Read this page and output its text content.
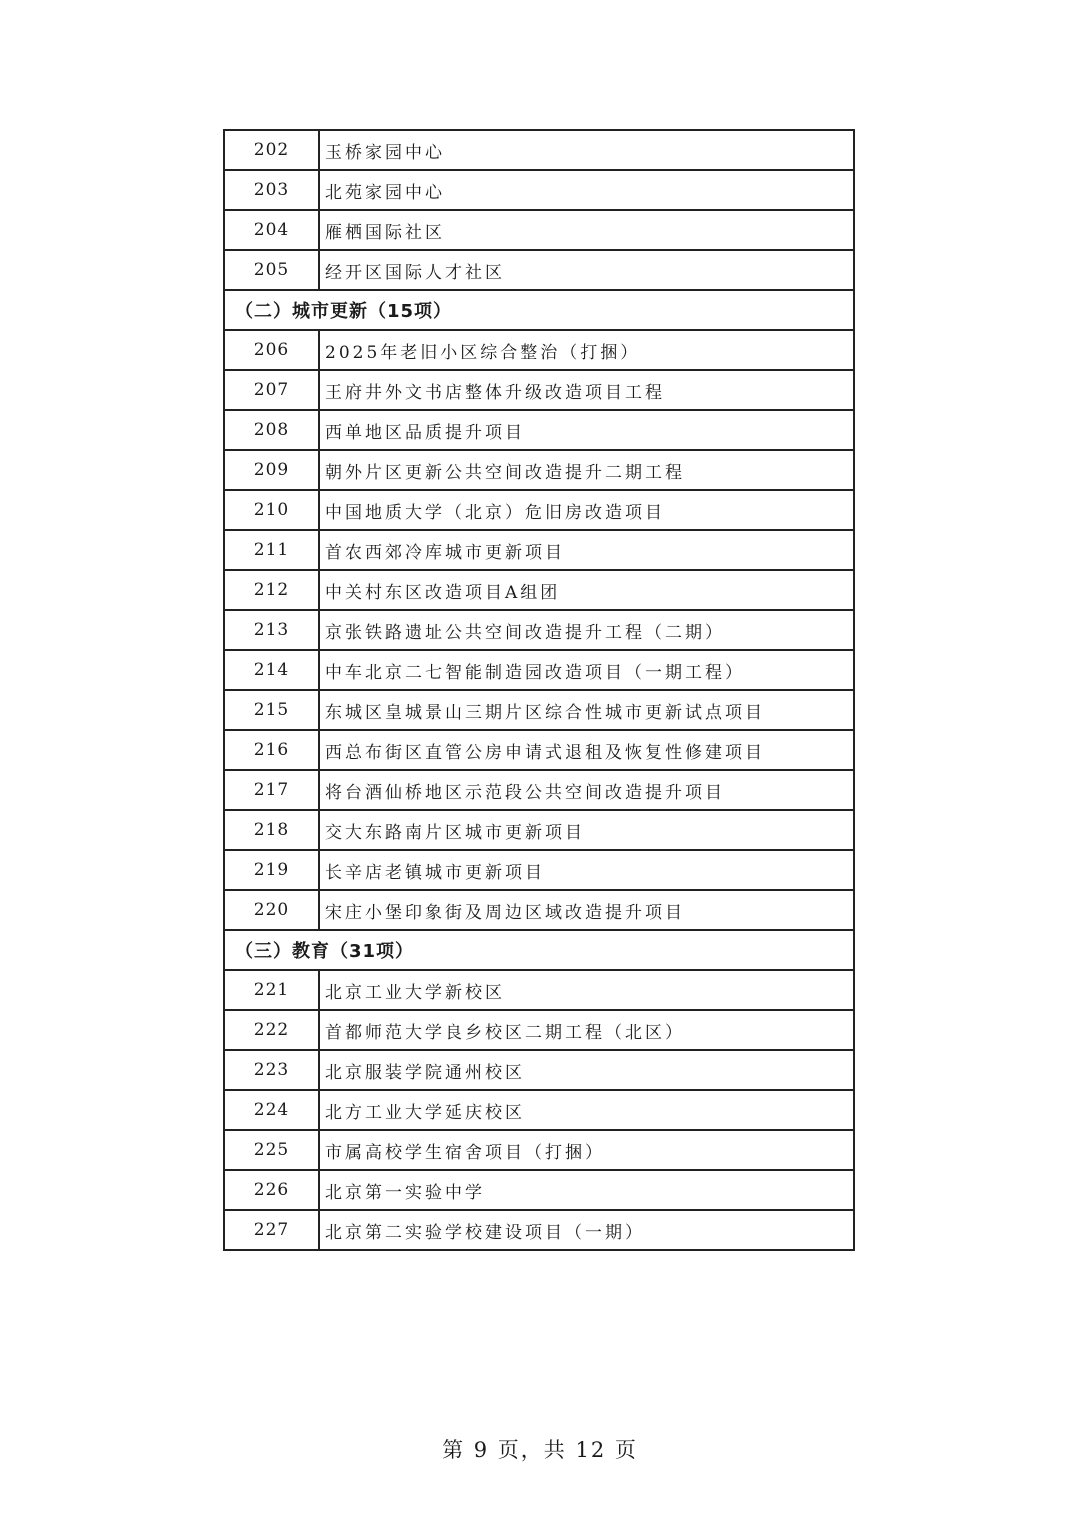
202	玉桥家园中心
203	北苑家园中心
204	雁栖国际社区
205	经开区国际人才社区
（二）城市更新（15项）	
206	2025年老旧小区综合整治（打捆）
207	王府井外文书店整体升级改造项目工程
208	西单地区品质提升项目
209	朝外片区更新公共空间改造提升二期工程
210	中国地质大学（北京）危旧房改造项目
211	首农西郊冷库城市更新项目
212	中关村东区改造项目A组团
213	京张铁路遗址公共空间改造提升工程（二期）
214	中车北京二七智能制造园改造项目（一期工程）
215	东城区皇城景山三期片区综合性城市更新试点项目
216	西总布街区直管公房申请式退租及恢复性修建项目
217	将台酒仙桥地区示范段公共空间改造提升项目
218	交大东路南片区城市更新项目
219	长辛店老镇城市更新项目
220	宋庄小堡印象街及周边区域改造提升项目
（三）教育（31项）	
221	北京工业大学新校区
222	首都师范大学良乡校区二期工程（北区）
223	北京服装学院通州校区
224	北方工业大学延庆校区
225	市属高校学生宿舍项目（打捆）
226	北京第一实验中学
227	北京第二实验学校建设项目（一期）
第 9 页，共 12 页
